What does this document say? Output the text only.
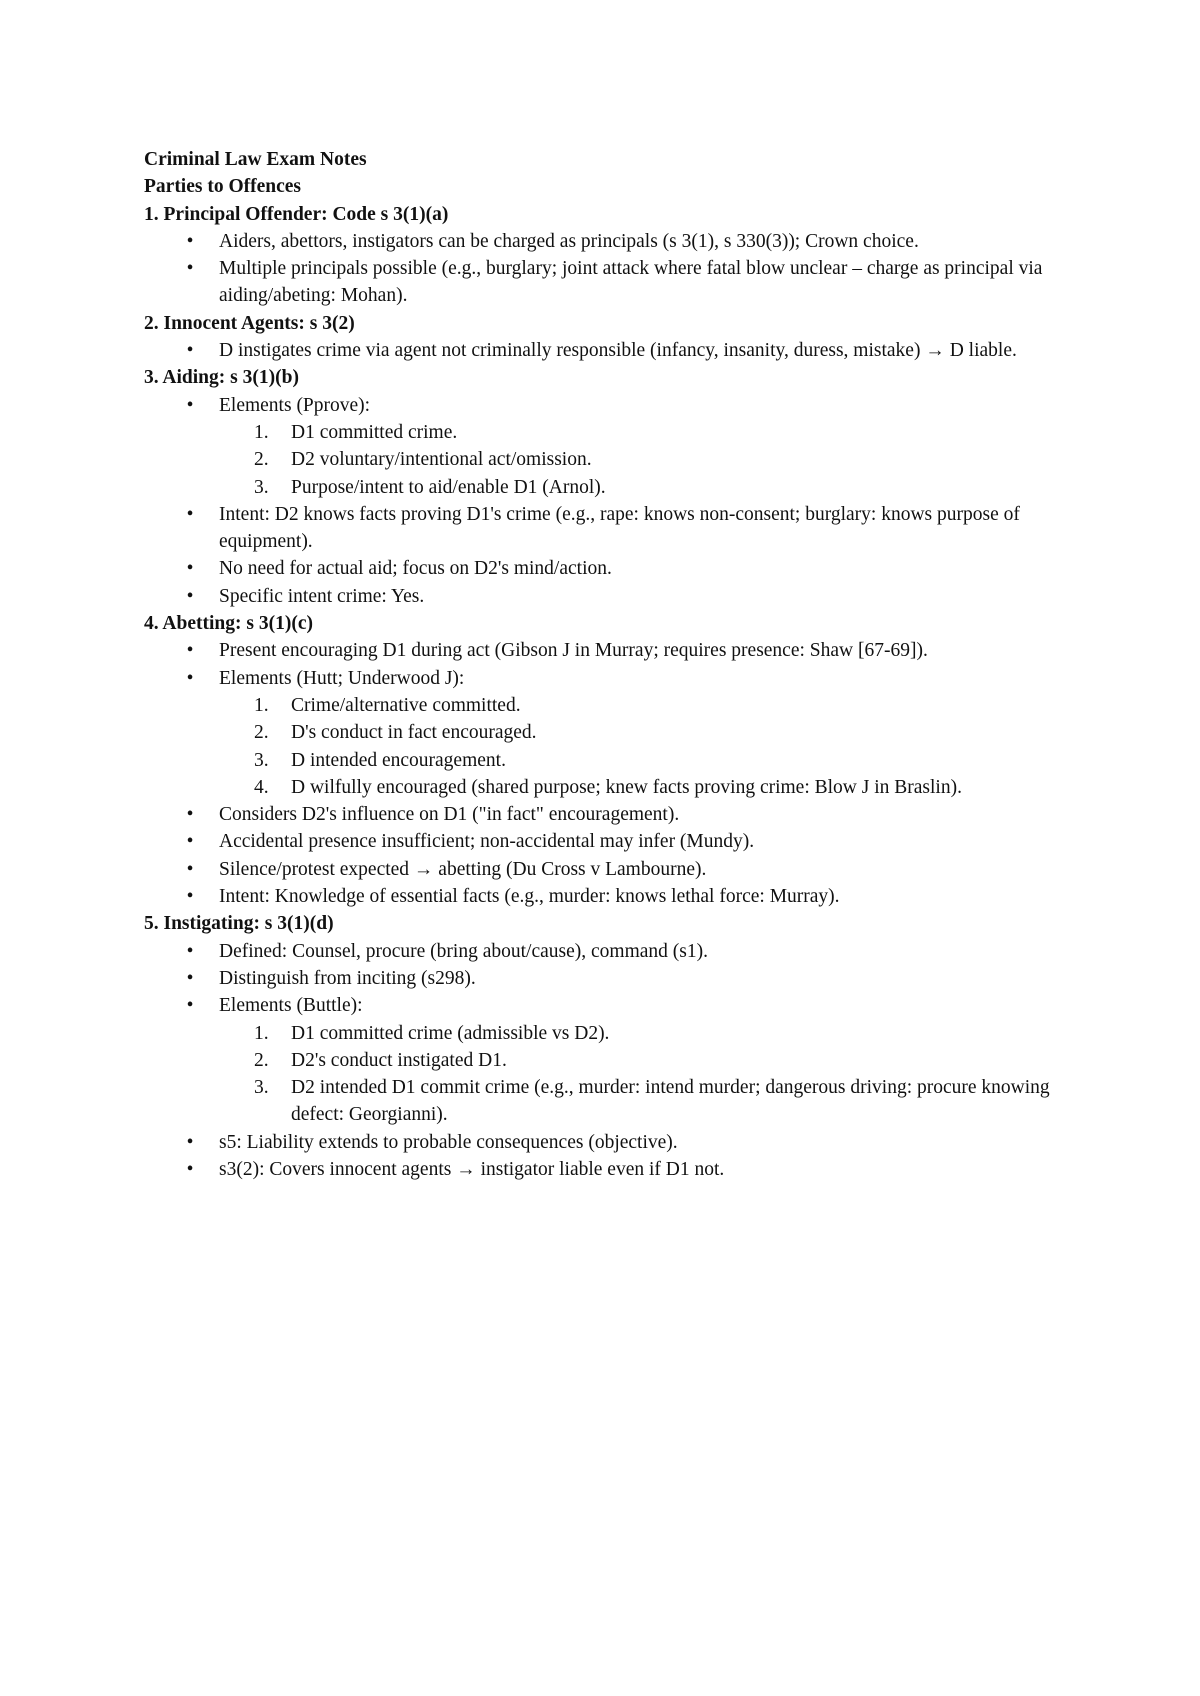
Criminal Law Exam Notes
Parties to Offences
1. Principal Offender: Code s 3(1)(a)
•	Aiders, abettors, instigators can be charged as principals (s 3(1), s 330(3)); Crown choice.
•	Multiple principals possible (e.g., burglary; joint attack where fatal blow unclear – charge as principal via aiding/abeting: Mohan).
2. Innocent Agents: s 3(2)
•	D instigates crime via agent not criminally responsible (infancy, insanity, duress, mistake) → D liable.
3. Aiding: s 3(1)(b)
•	Elements (Pprove):
1.	D1 committed crime.
2.	D2 voluntary/intentional act/omission.
3.	Purpose/intent to aid/enable D1 (Arnol).
•	Intent: D2 knows facts proving D1's crime (e.g., rape: knows non-consent; burglary: knows purpose of equipment).
•	No need for actual aid; focus on D2's mind/action.
•	Specific intent crime: Yes.
4. Abetting: s 3(1)(c)
•	Present encouraging D1 during act (Gibson J in Murray; requires presence: Shaw [67-69]).
•	Elements (Hutt; Underwood J):
1.	Crime/alternative committed.
2.	D's conduct in fact encouraged.
3.	D intended encouragement.
4.	D wilfully encouraged (shared purpose; knew facts proving crime: Blow J in Braslin).
•	Considers D2's influence on D1 ("in fact" encouragement).
•	Accidental presence insufficient; non-accidental may infer (Mundy).
•	Silence/protest expected → abetting (Du Cross v Lambourne).
•	Intent: Knowledge of essential facts (e.g., murder: knows lethal force: Murray).
5. Instigating: s 3(1)(d)
•	Defined: Counsel, procure (bring about/cause), command (s1).
•	Distinguish from inciting (s298).
•	Elements (Buttle):
1.	D1 committed crime (admissible vs D2).
2.	D2's conduct instigated D1.
3.	D2 intended D1 commit crime (e.g., murder: intend murder; dangerous driving: procure knowing defect: Georgianni).
•	s5: Liability extends to probable consequences (objective).
•	s3(2): Covers innocent agents → instigator liable even if D1 not.
